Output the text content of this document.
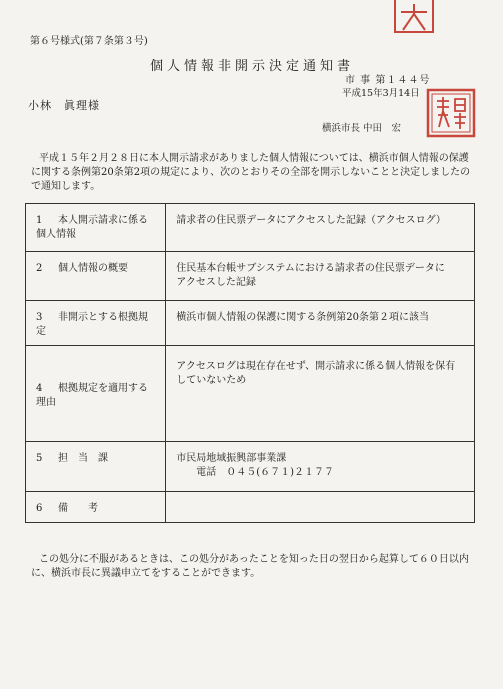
第６号様式(第７条第３号)
個人情報非開示決定通知書
市 事 第１４４号
平成15年3月14日
小林　眞理様
横浜市長 中田　宏
平成１５年２月２８日に本人開示請求がありました個人情報については、横浜市個人情報の保護に関する条例第20条第2項の規定により、次のとおりその全部を開示しないことと決定しましたので通知します。
1 本人開示請求に係る
個人情報	請求者の住民票データにアクセスした記録（アクセスログ）

2 個人情報の概要	住民基本台帳サブシステムにおける請求者の住民票データに
アクセスした記録

3 非開示とする根拠規定	横浜市個人情報の保護に関する条例第20条第２項に該当

4 根拠規定を適用する理由	アクセスログは現在存在せず、開示請求に係る個人情報を保有
していないため

5 担　当　課	市民局地域振興部事業課
　　電話　０４５(６７１)２１７７

6 備　　考	

この処分に不服があるときは、この処分があったことを知った日の翌日から起算して６０日以内に、横浜市長に異議申立てをすることができます。
